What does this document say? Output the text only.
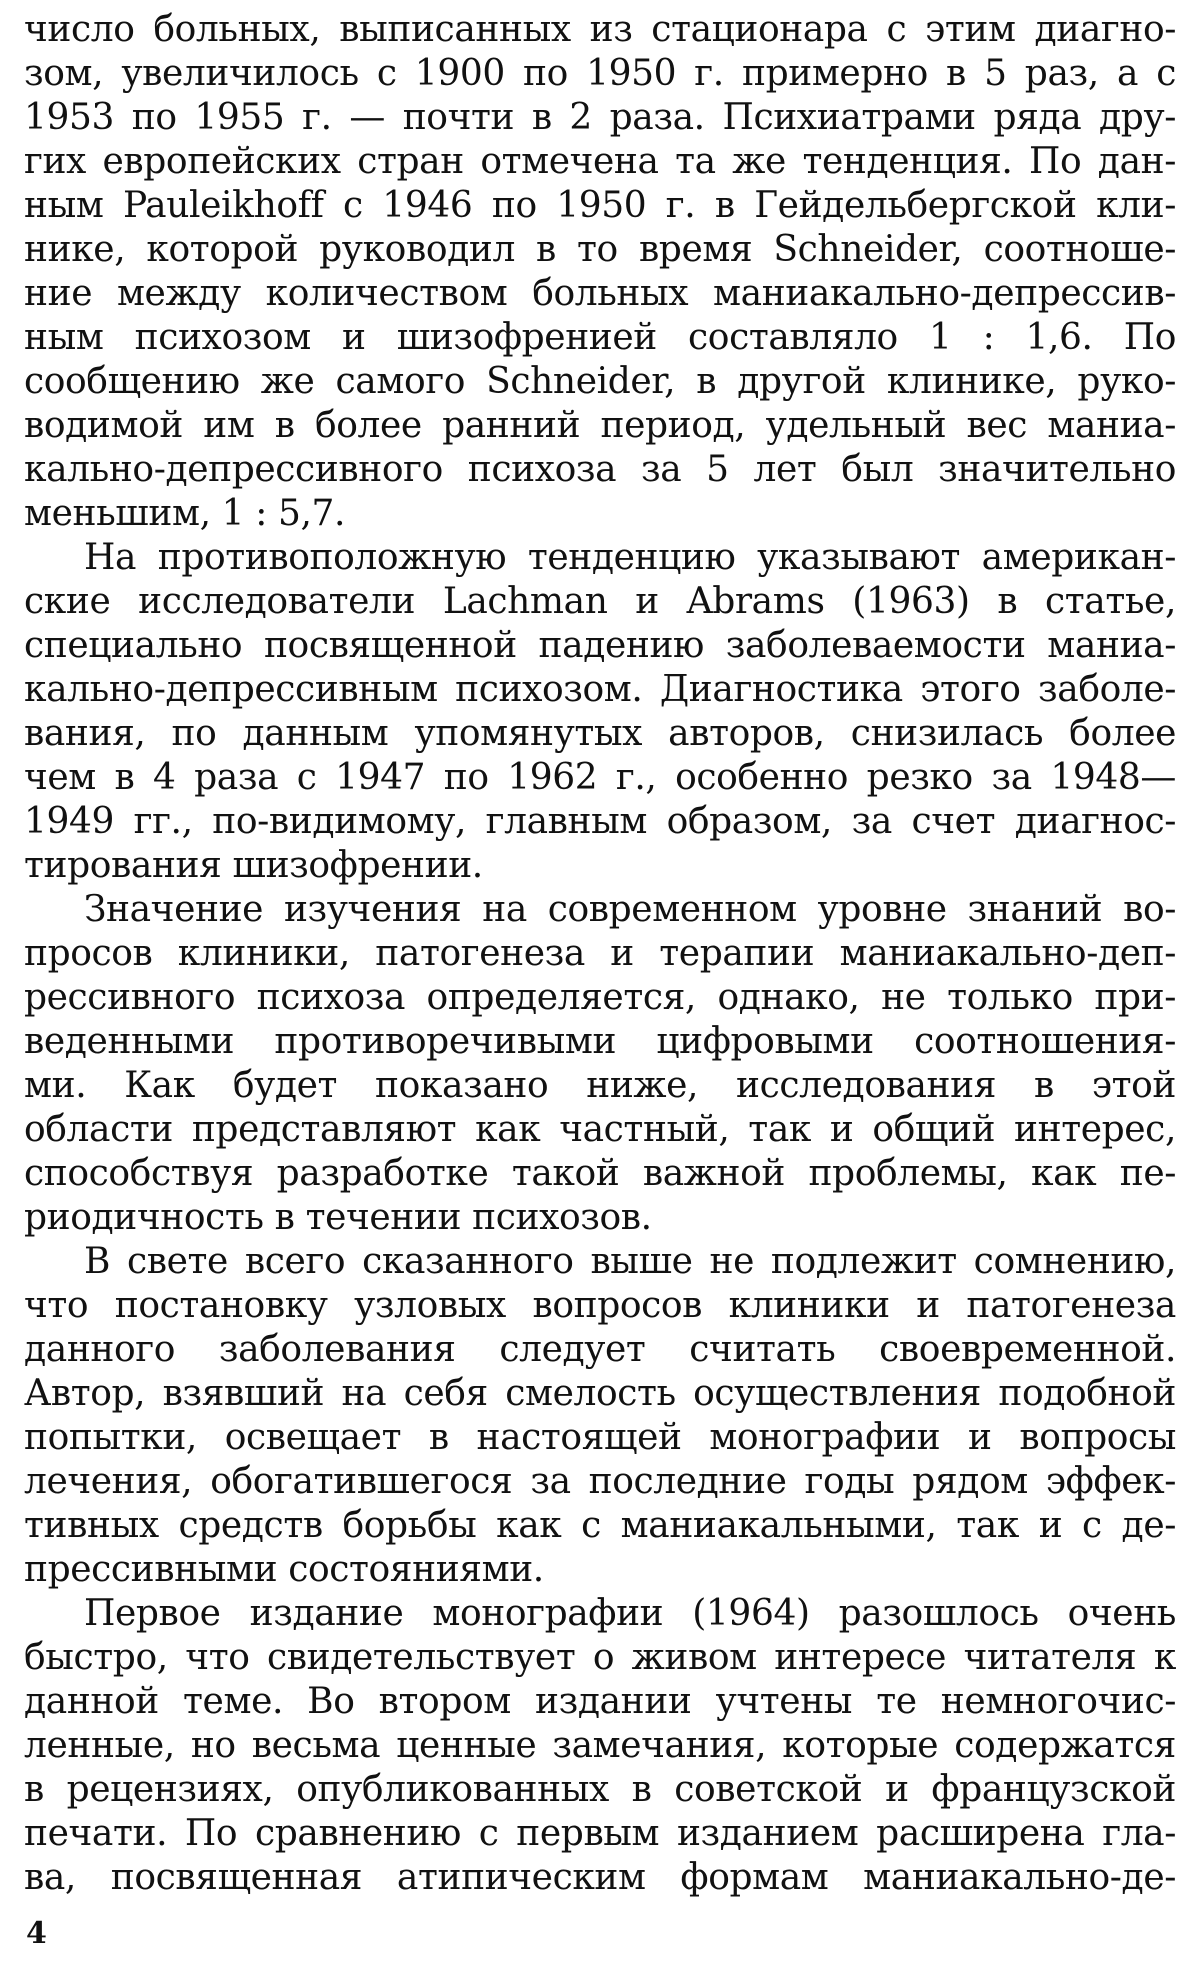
число больных, выписанных из стационара с этим диагно-
зом, увеличилось с 1900 по 1950 г. примерно в 5 раз, а с
1953 по 1955 г. — почти в 2 раза. Психиатрами ряда дру-
гих европейских стран отмечена та же тенденция. По дан-
ным Pauleikhoff с 1946 по 1950 г. в Гейдельбергской кли-
нике, которой руководил в то время Schneider, соотноше-
ние между количеством больных маниакально-депрессив-
ным психозом и шизофренией составляло 1 : 1,6. По
сообщению же самого Schneider, в другой клинике, руко-
водимой им в более ранний период, удельный вес маниа-
кально-депрессивного психоза за 5 лет был значительно
меньшим, 1 : 5,7.
На противоположную тенденцию указывают американ-
ские исследователи Lachman и Abrams (1963) в статье,
специально посвященной падению заболеваемости маниа-
кально-депрессивным психозом. Диагностика этого заболе-
вания, по данным упомянутых авторов, снизилась более
чем в 4 раза с 1947 по 1962 г., особенно резко за 1948—
1949 гг., по-видимому, главным образом, за счет диагнос-
тирования шизофрении.
Значение изучения на современном уровне знаний во-
просов клиники, патогенеза и терапии маниакально-деп-
рессивного психоза определяется, однако, не только при-
веденными противоречивыми цифровыми соотношения-
ми. Как будет показано ниже, исследования в этой
области представляют как частный, так и общий интерес,
способствуя разработке такой важной проблемы, как пе-
риодичность в течении психозов.
В свете всего сказанного выше не подлежит сомнению,
что постановку узловых вопросов клиники и патогенеза
данного заболевания следует считать своевременной.
Автор, взявший на себя смелость осуществления подобной
попытки, освещает в настоящей монографии и вопросы
лечения, обогатившегося за последние годы рядом эффек-
тивных средств борьбы как с маниакальными, так и с де-
прессивными состояниями.
Первое издание монографии (1964) разошлось очень
быстро, что свидетельствует о живом интересе читателя к
данной теме. Во втором издании учтены те немногочис-
ленные, но весьма ценные замечания, которые содержатся
в рецензиях, опубликованных в советской и французской
печати. По сравнению с первым изданием расширена гла-
ва, посвященная атипическим формам маниакально-де-
4
